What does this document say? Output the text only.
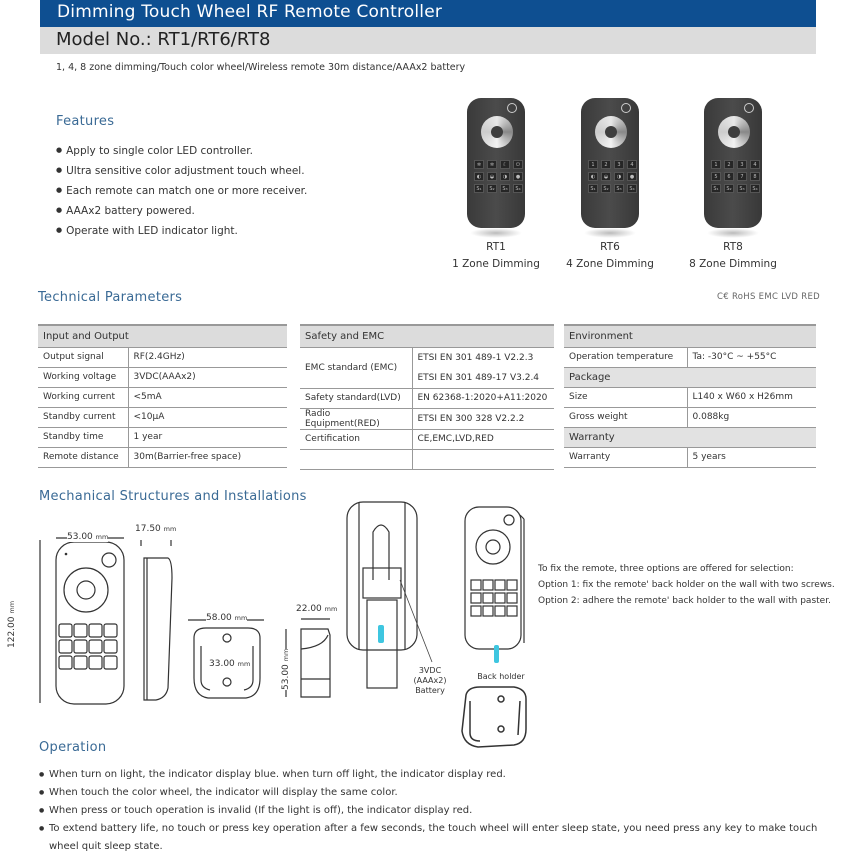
Dimming Touch Wheel RF Remote Controller
Model No.: RT1/RT6/RT8
1, 4, 8 zone dimming/Touch color wheel/Wireless remote 30m distance/AAAx2 battery
Features
● Apply to single color LED controller.
● Ultra sensitive color adjustment touch wheel.
● Each remote can match one or more receiver.
● AAAx2 battery powered.
● Operate with LED indicator light.
✲	✲	☾	⏻
◐	◒	◑	●
S₁	S₂	S₃	S₄
RT1
1 Zone Dimming
1	2	3	4
◐	◒	◑	●
S₁	S₂	S₃	S₄
RT6
4 Zone Dimming
1	2	3	4
5	6	7	8
S₁	S₂	S₃	S₄
RT8
8 Zone Dimming
Technical Parameters	C€ RoHS EMC LVD RED
Input and Output	
Output signal	RF(2.4GHz)
Working voltage	3VDC(AAAx2)
Working current	<5mA
Standby current	<10μA
Standby time	1 year
Remote distance	30m(Barrier-free space)
Safety and EMC	
EMC standard (EMC)	ETSI EN 301 489-1 V2.2.3
ETSI EN 301 489-17 V3.2.4

Safety standard(LVD)	EN 62368-1:2020+A11:2020
Radio Equipment(RED)	ETSI EN 300 328 V2.2.2
Certification	CE,EMC,LVD,RED

Environment	
Operation temperature	Ta: -30°C ~ +55°C
Package	
Size	L140 x W60 x H26mm
Gross weight	0.088kg
Warranty	
Warranty	5 years
Mechanical Structures and Installations
53.00 mm
122.00 mm
17.50 mm
58.00 mm
33.00 mm
22.00 mm
53.00 mm
3VDC
(AAAx2) Battery
Back holder
To fix the remote, three options are offered for selection:
Option 1: fix the remote' back holder on the wall with two screws.
Option 2: adhere the remote' back holder to the wall with paster.
Operation
● When turn on light, the indicator display blue. when turn off light, the indicator display red.
● When touch the color wheel, the indicator will display the same color.
● When press or touch operation is invalid (If the light is off), the indicator display red.
● To extend battery life, no touch or press key operation after a few seconds, the touch wheel will enter sleep state, you need press any key to make touch wheel quit sleep state.
